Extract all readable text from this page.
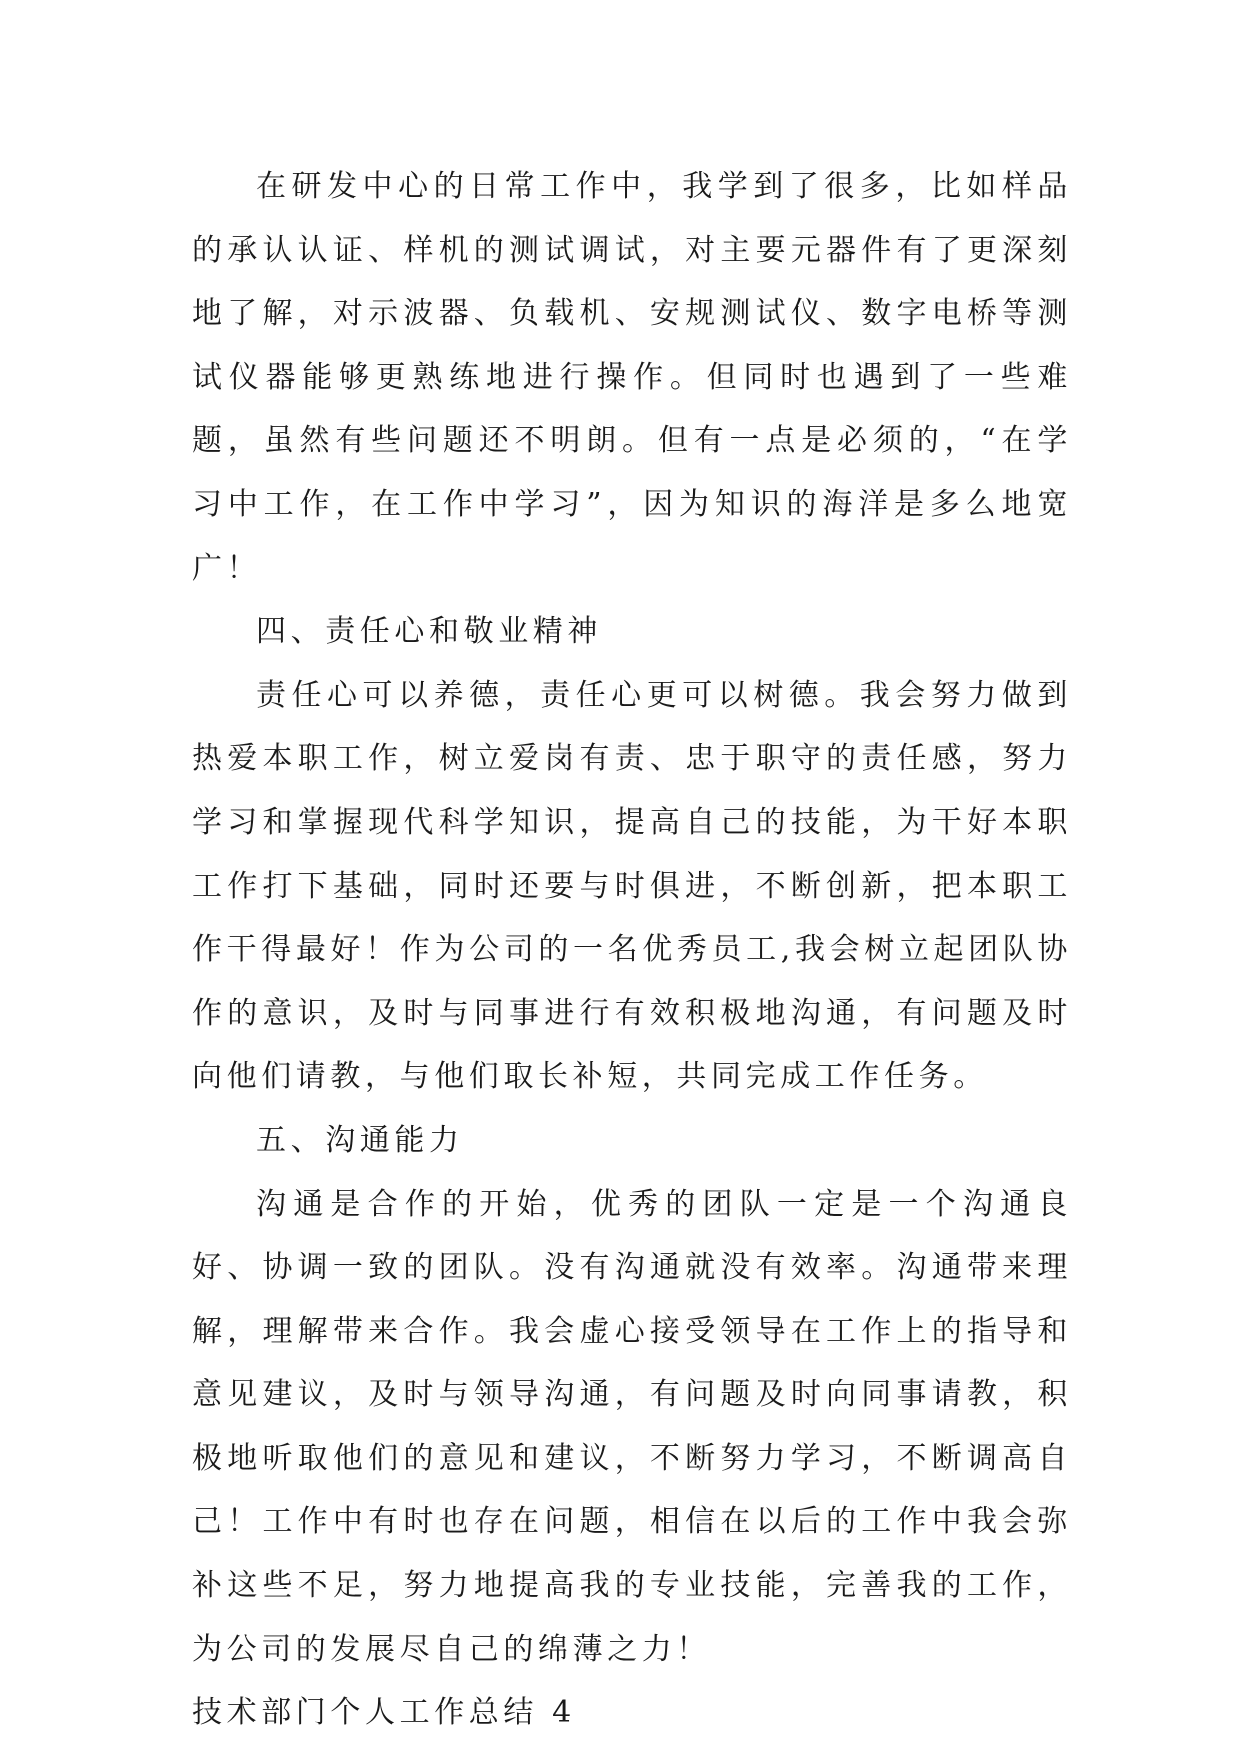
在研发中心的日常工作中，我学到了很多，比如样品的承认认证、样机的测试调试，对主要元器件有了更深刻地了解，对示波器、负载机、安规测试仪、数字电桥等测试仪器能够更熟练地进行操作。但同时也遇到了一些难题，虽然有些问题还不明朗。但有一点是必须的，“在学习中工作，在工作中学习”，因为知识的海洋是多么地宽广！

四、责任心和敬业精神

责任心可以养德，责任心更可以树德。我会努力做到热爱本职工作，树立爱岗有责、忠于职守的责任感，努力学习和掌握现代科学知识，提高自己的技能，为干好本职工作打下基础，同时还要与时俱进，不断创新，把本职工作干得最好！作为公司的一名优秀员工,我会树立起团队协作的意识，及时与同事进行有效积极地沟通，有问题及时向他们请教，与他们取长补短，共同完成工作任务。

五、沟通能力

沟通是合作的开始，优秀的团队一定是一个沟通良好、协调一致的团队。没有沟通就没有效率。沟通带来理解，理解带来合作。我会虚心接受领导在工作上的指导和意见建议，及时与领导沟通，有问题及时向同事请教，积极地听取他们的意见和建议，不断努力学习，不断调高自己！工作中有时也存在问题，相信在以后的工作中我会弥补这些不足，努力地提高我的专业技能，完善我的工作，为公司的发展尽自己的绵薄之力！

技术部门个人工作总结 4
